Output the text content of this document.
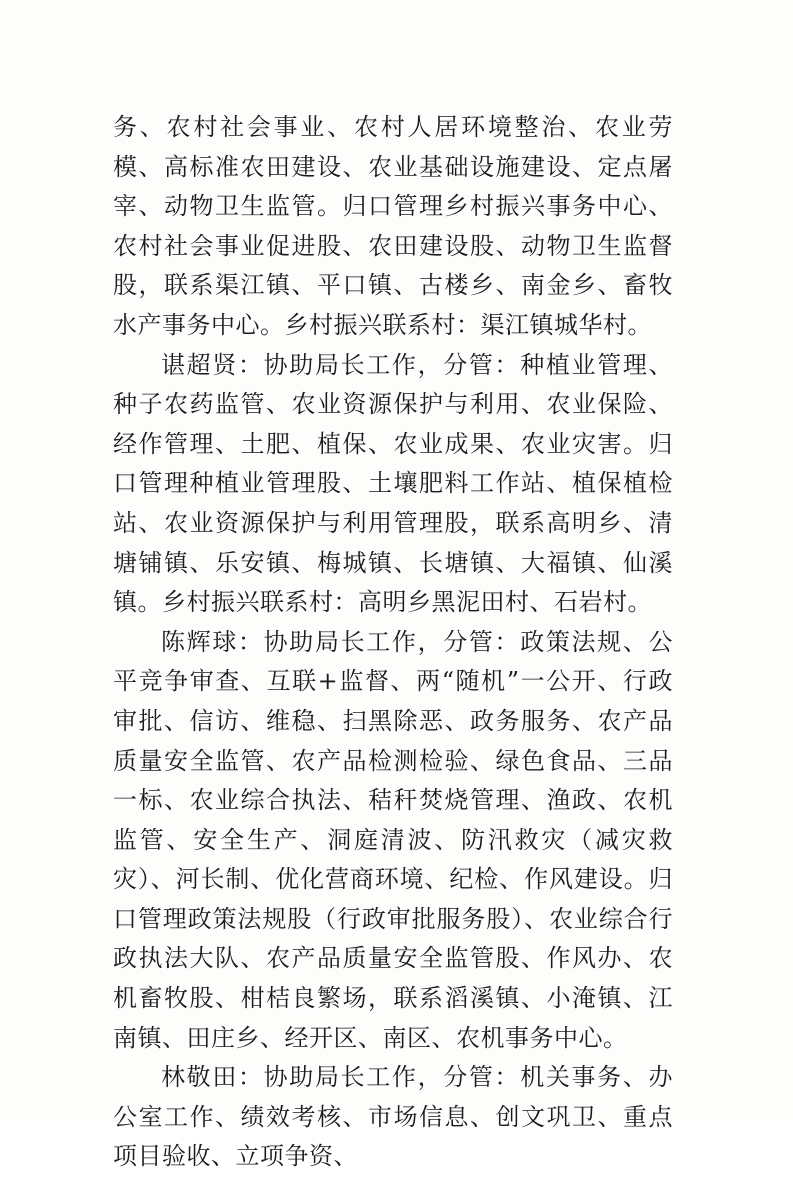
务、农村社会事业、农村人居环境整治、农业劳模、高标准农田建设、农业基础设施建设、定点屠宰、动物卫生监管。归口管理乡村振兴事务中心、农村社会事业促进股、农田建设股、动物卫生监督股，联系渠江镇、平口镇、古楼乡、南金乡、畜牧水产事务中心。乡村振兴联系村：渠江镇城华村。

谌超贤：协助局长工作，分管：种植业管理、种子农药监管、农业资源保护与利用、农业保险、经作管理、土肥、植保、农业成果、农业灾害。归口管理种植业管理股、土壤肥料工作站、植保植检站、农业资源保护与利用管理股，联系高明乡、清塘铺镇、乐安镇、梅城镇、长塘镇、大福镇、仙溪镇。乡村振兴联系村：高明乡黑泥田村、石岩村。

陈辉球：协助局长工作，分管：政策法规、公平竞争审查、互联+监督、两“随机”一公开、行政审批、信访、维稳、扫黑除恶、政务服务、农产品质量安全监管、农产品检测检验、绿色食品、三品一标、农业综合执法、秸秆焚烧管理、渔政、农机监管、安全生产、洞庭清波、防汛救灾（减灾救灾）、河长制、优化营商环境、纪检、作风建设。归口管理政策法规股（行政审批服务股）、农业综合行政执法大队、农产品质量安全监管股、作风办、农机畜牧股、柑桔良繁场，联系滔溪镇、小淹镇、江南镇、田庄乡、经开区、南区、农机事务中心。

林敬田：协助局长工作，分管：机关事务、办公室工作、绩效考核、市场信息、创文巩卫、重点项目验收、立项争资、
